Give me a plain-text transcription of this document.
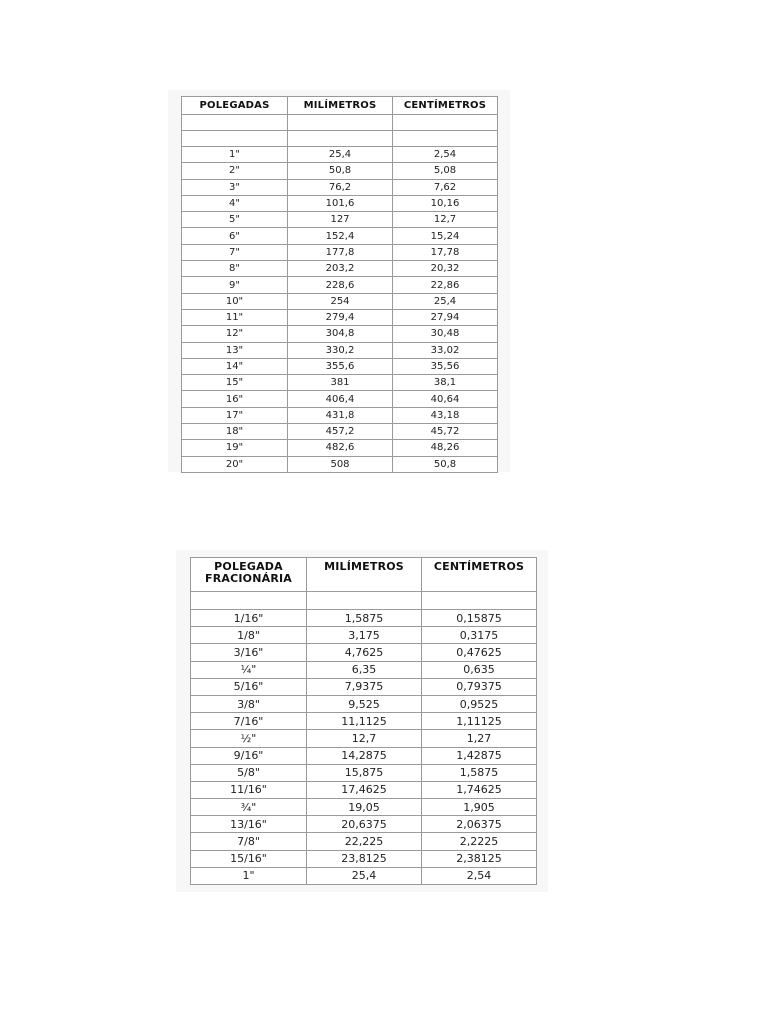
POLEGADAS	MILÍMETROS	CENTÍMETROS

1"	25,4	2,54
2"	50,8	5,08
3"	76,2	7,62
4"	101,6	10,16
5"	127	12,7
6"	152,4	15,24
7"	177,8	17,78
8"	203,2	20,32
9"	228,6	22,86
10"	254	25,4
11"	279,4	27,94
12"	304,8	30,48
13"	330,2	33,02
14"	355,6	35,56
15"	381	38,1
16"	406,4	40,64
17"	431,8	43,18
18"	457,2	45,72
19"	482,6	48,26
20"	508	50,8
POLEGADA FRACIONÁRIA	MILÍMETROS	CENTÍMETROS

1/16"	1,5875	0,15875
1/8"	3,175	0,3175
3/16"	4,7625	0,47625
¼"	6,35	0,635
5/16"	7,9375	0,79375
3/8"	9,525	0,9525
7/16"	11,1125	1,11125
½"	12,7	1,27
9/16"	14,2875	1,42875
5/8"	15,875	1,5875
11/16"	17,4625	1,74625
¾"	19,05	1,905
13/16"	20,6375	2,06375
7/8"	22,225	2,2225
15/16"	23,8125	2,38125
1"	25,4	2,54
